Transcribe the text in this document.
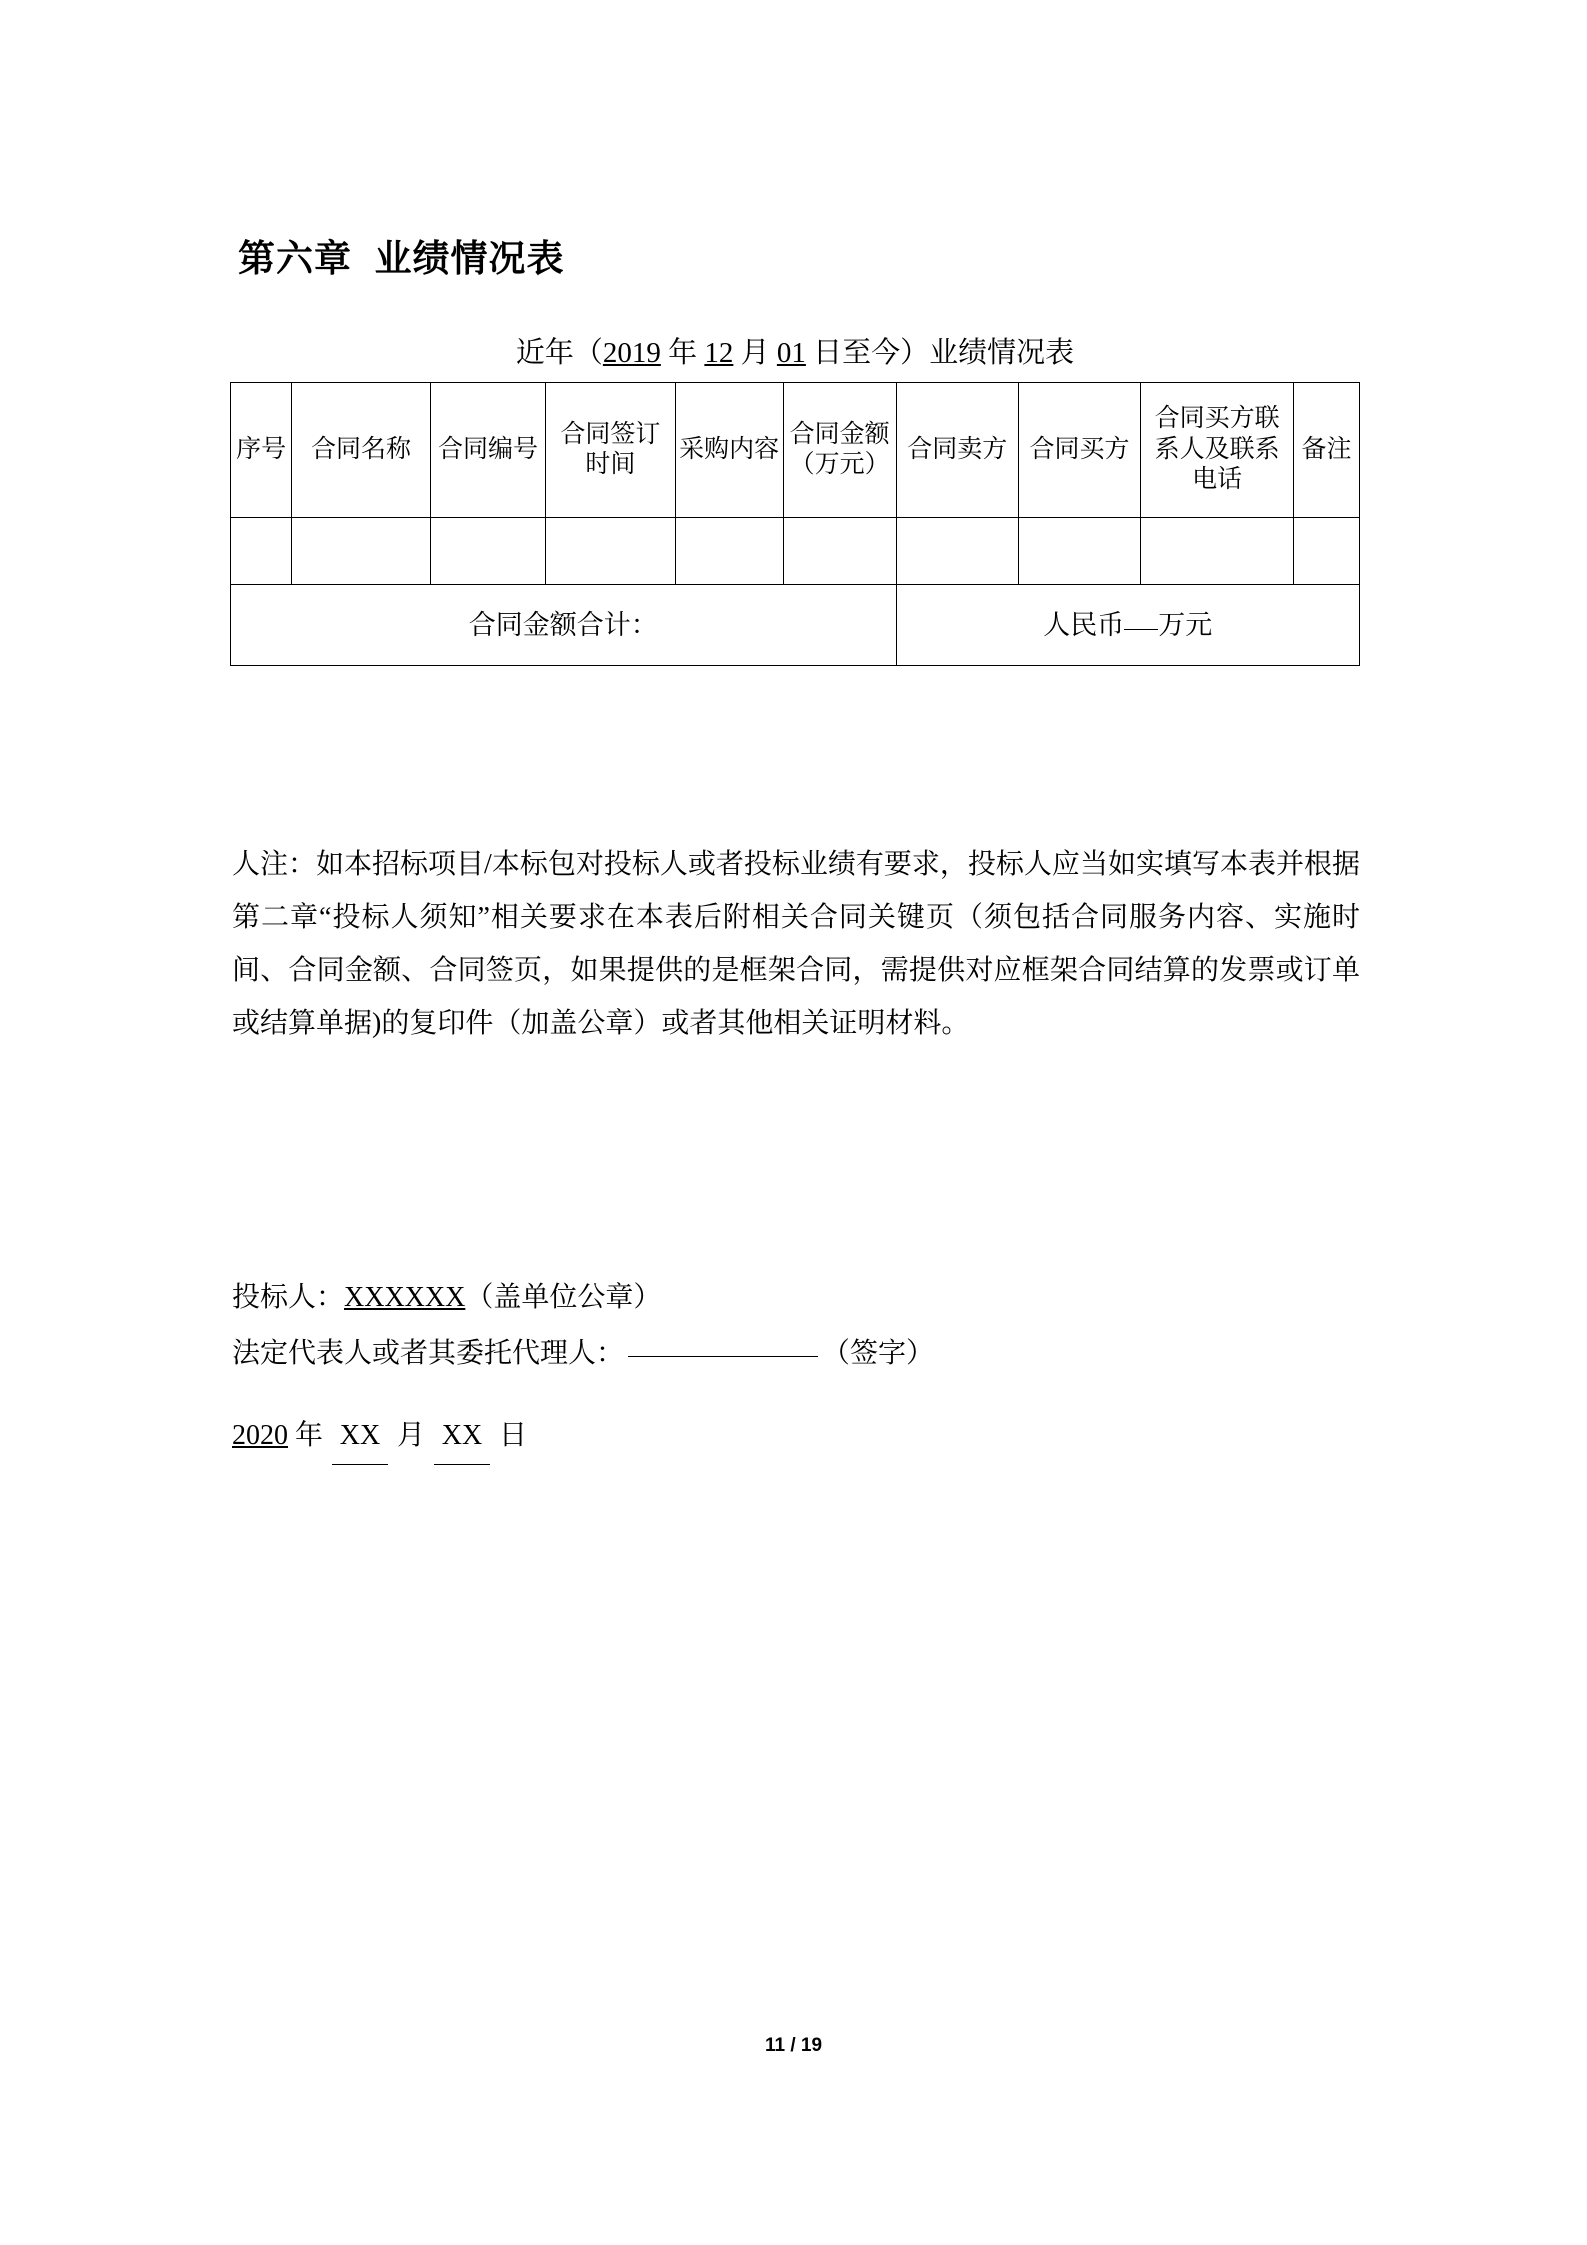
第六章  业绩情况表
近年（2019 年 12 月 01 日至今）业绩情况表
序号	合同名称	合同编号	合同签订时间	采购内容	合同金额（万元）	合同卖方	合同买方	合同买方联系人及联系电话	备注

合同金额合计：						人民币 万元			
人注：如本招标项目/本标包对投标人或者投标业绩有要求，投标人应当如实填写本表并根据第二章“投标人须知”相关要求在本表后附相关合同关键页（须包括合同服务内容、实施时间、合同金额、合同签页，如果提供的是框架合同，需提供对应框架合同结算的发票或订单或结算单据)的复印件（加盖公章）或者其他相关证明材料。
投标人：XXXXXX（盖单位公章）
法定代表人或者其委托代理人：	（签字）
2020 年 XX 月 XX 日
11 / 19
